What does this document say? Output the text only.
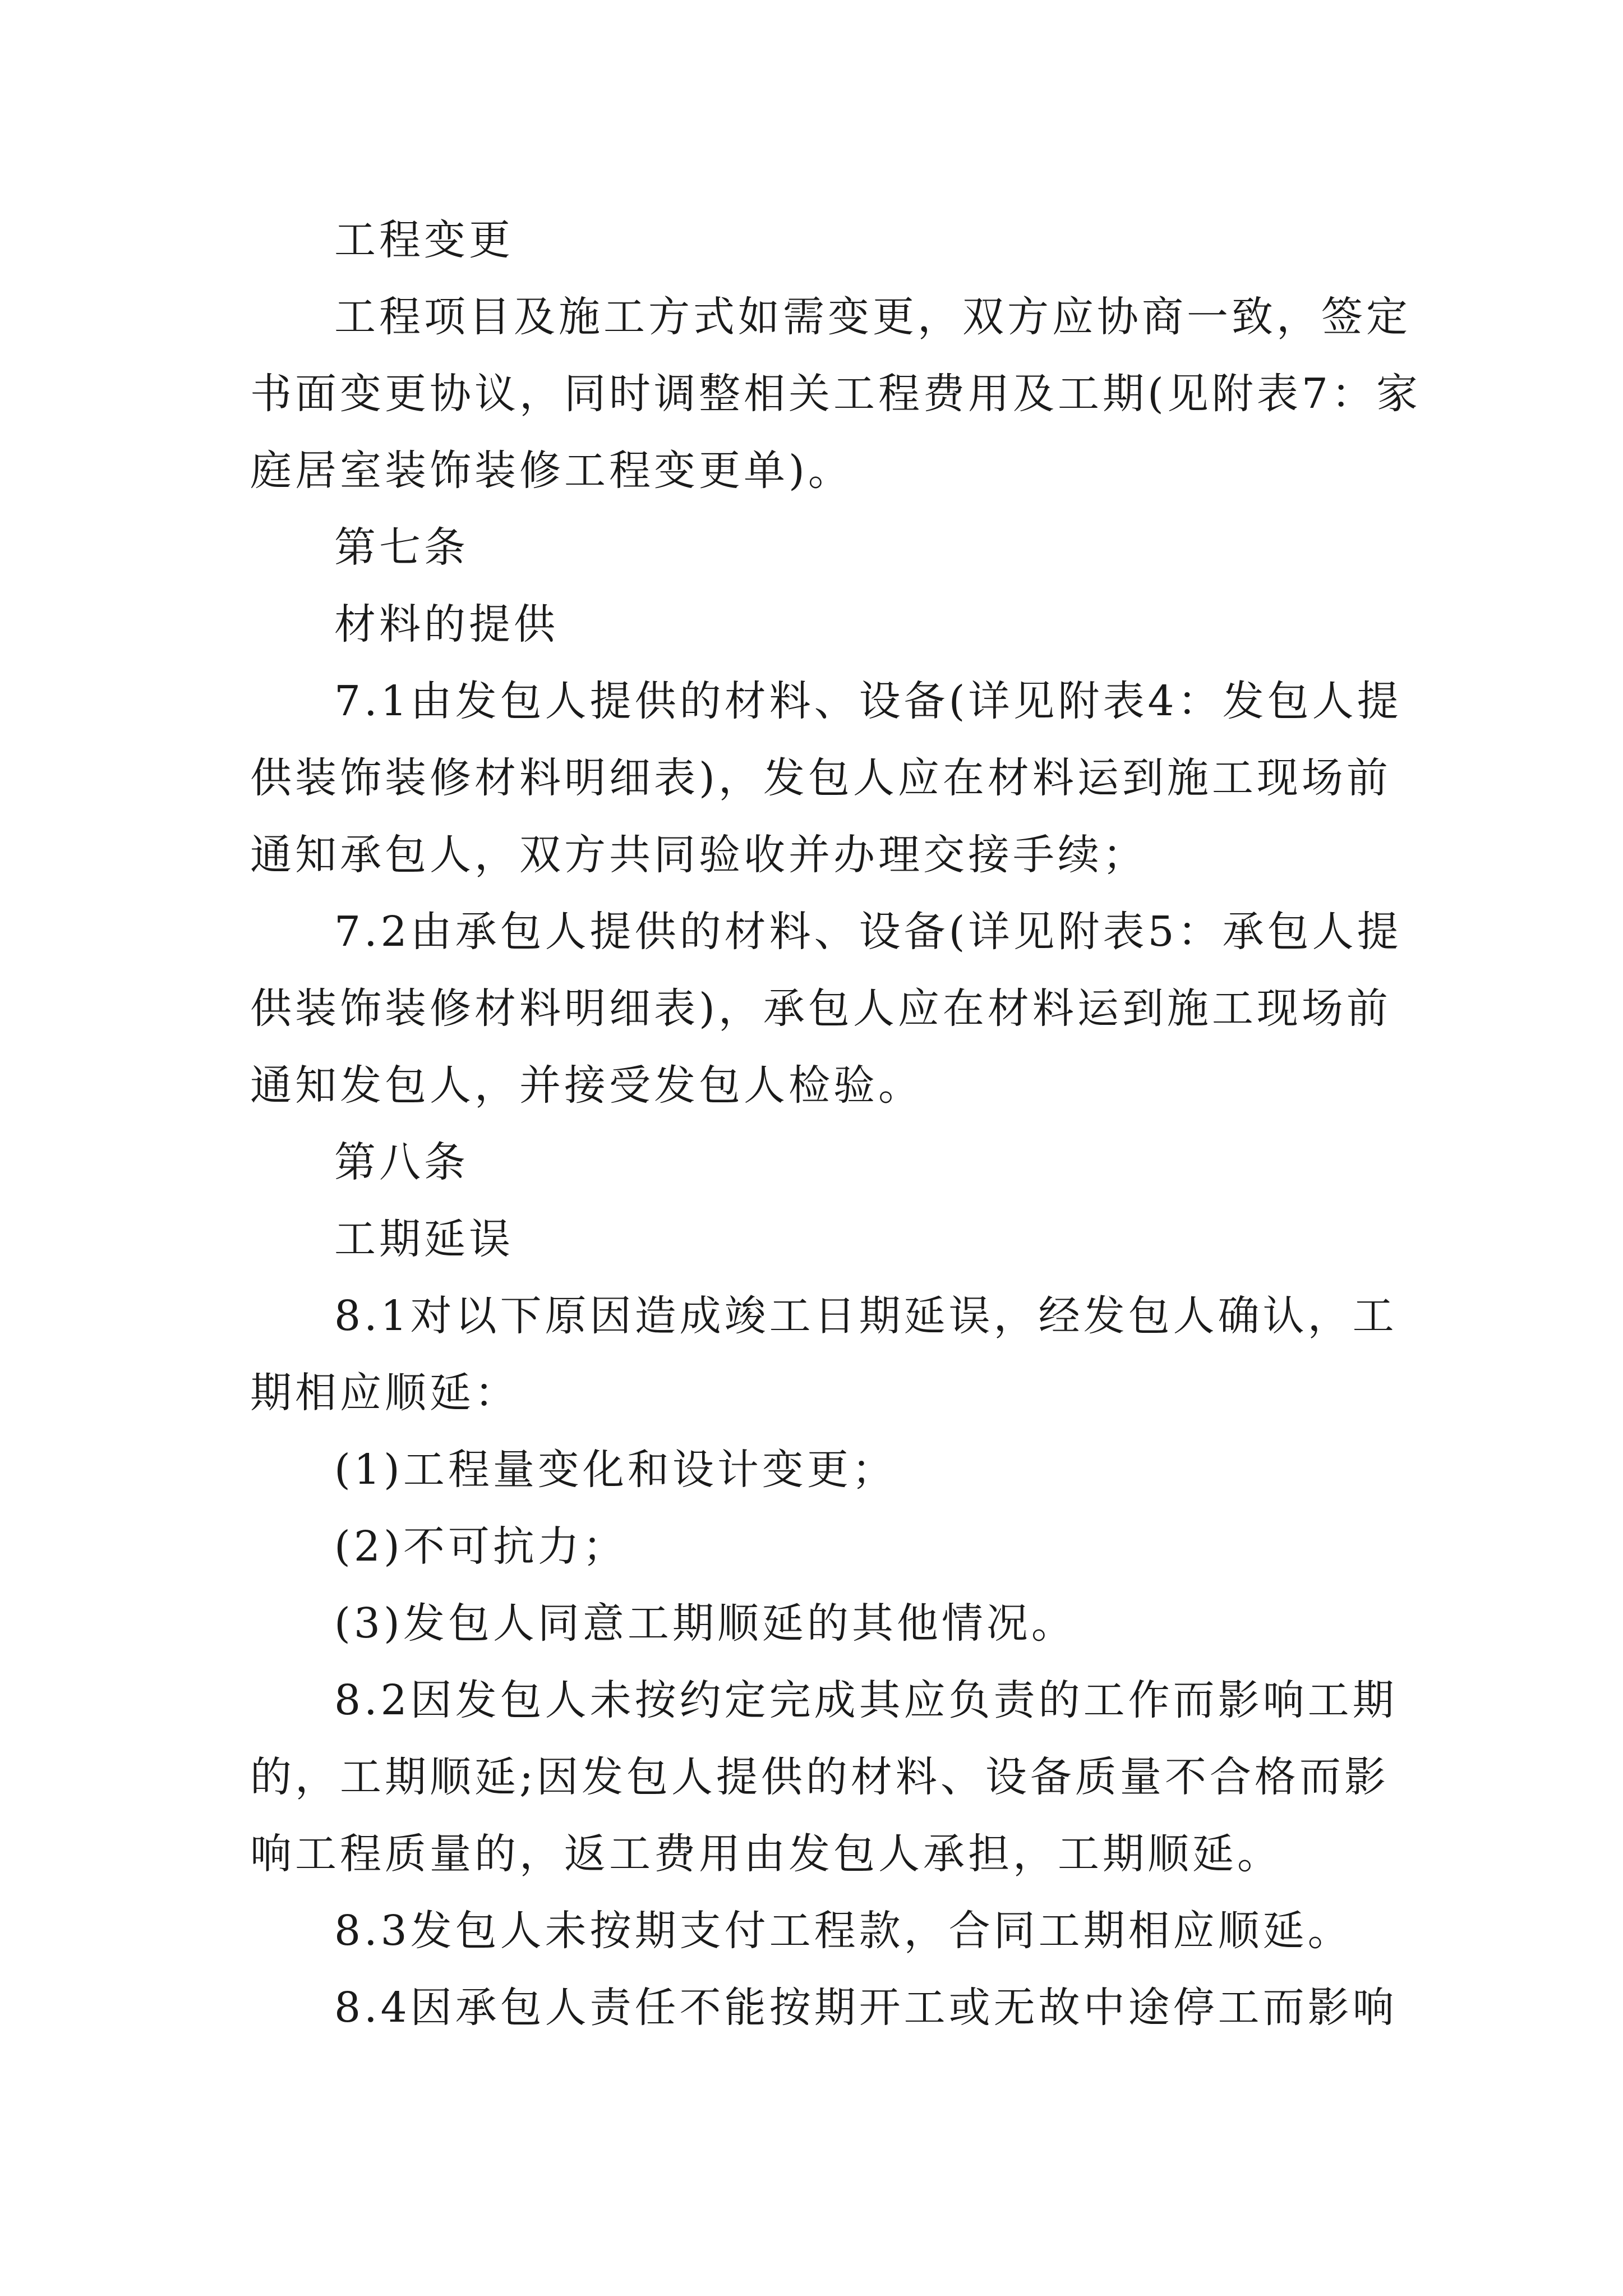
工程变更
工程项目及施工方式如需变更，双方应协商一致，签定
书面变更协议，同时调整相关工程费用及工期(见附表7：家
庭居室装饰装修工程变更单)。
第七条
材料的提供
7.1由发包人提供的材料、设备(详见附表4：发包人提
供装饰装修材料明细表)，发包人应在材料运到施工现场前
通知承包人，双方共同验收并办理交接手续；
7.2由承包人提供的材料、设备(详见附表5：承包人提
供装饰装修材料明细表)，承包人应在材料运到施工现场前
通知发包人，并接受发包人检验。
第八条
工期延误
8.1对以下原因造成竣工日期延误，经发包人确认，工
期相应顺延：
(1)工程量变化和设计变更；
(2)不可抗力；
(3)发包人同意工期顺延的其他情况。
8.2因发包人未按约定完成其应负责的工作而影响工期
的，工期顺延;因发包人提供的材料、设备质量不合格而影
响工程质量的，返工费用由发包人承担，工期顺延。
8.3发包人未按期支付工程款，合同工期相应顺延。
8.4因承包人责任不能按期开工或无故中途停工而影响
